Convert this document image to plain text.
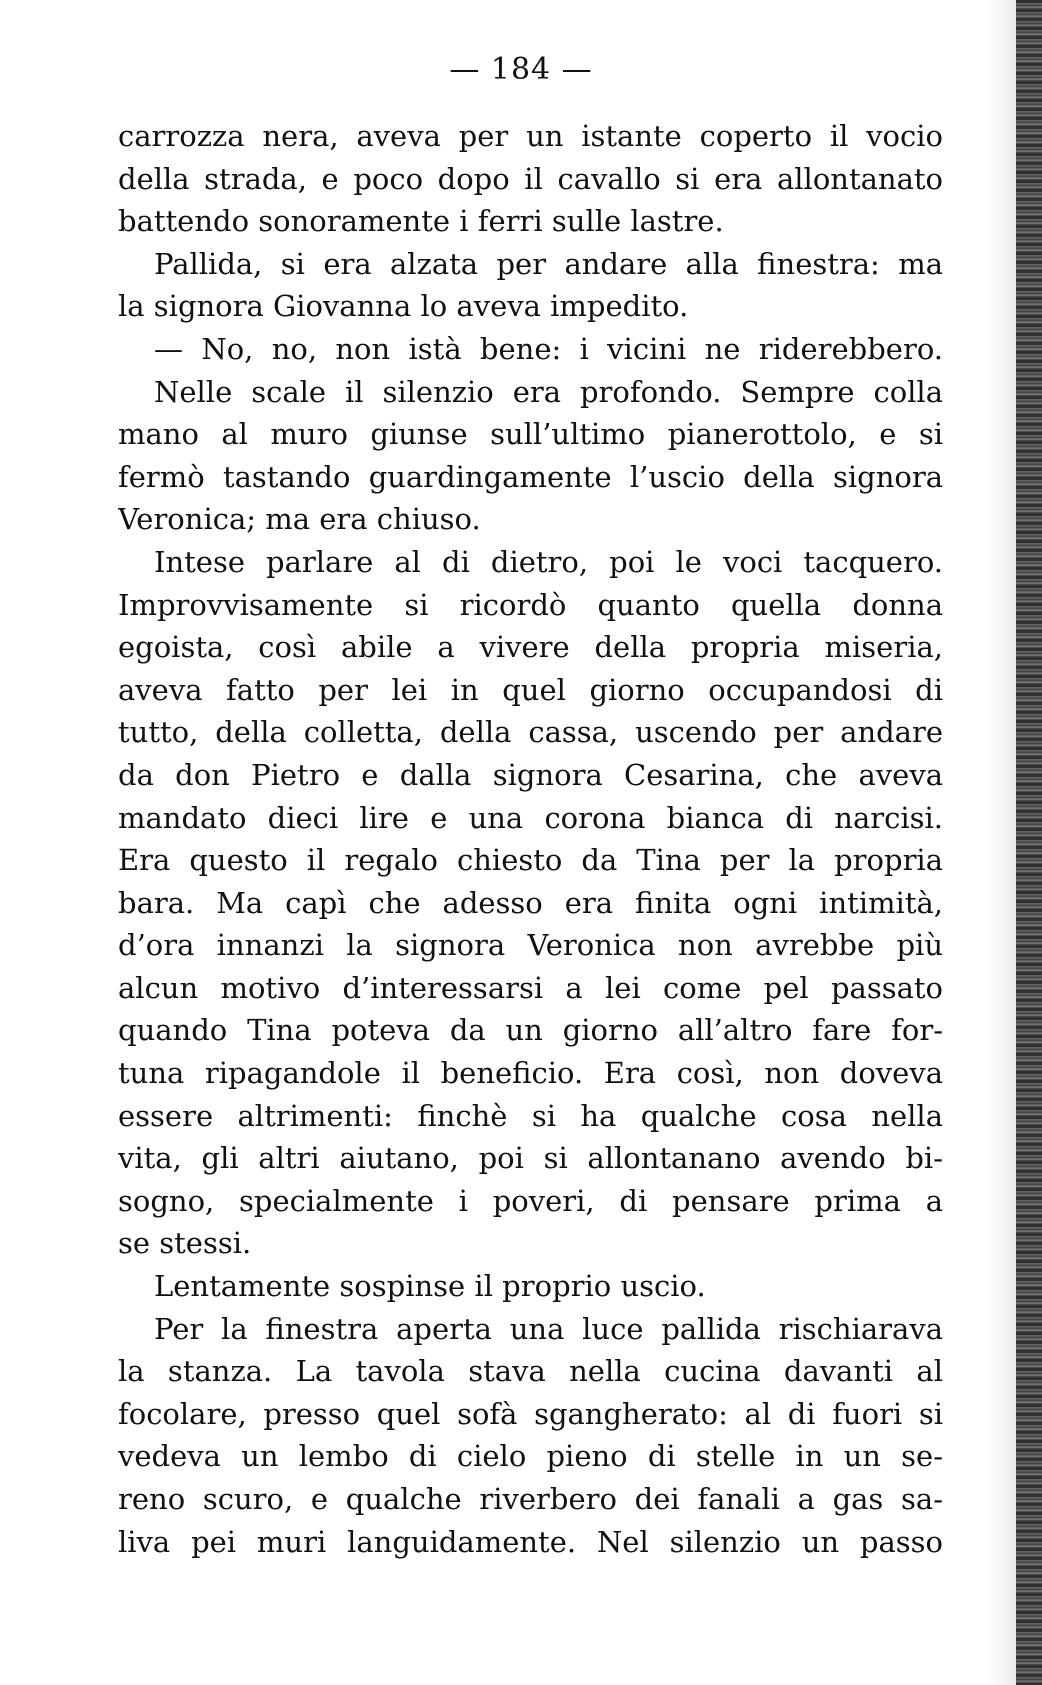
— 184 —
carrozza nera, aveva per un istante coperto il vocio
della strada, e poco dopo il cavallo si era allontanato
battendo sonoramente i ferri sulle lastre.
Pallida, si era alzata per andare alla finestra: ma
la signora Giovanna lo aveva impedito.
— No, no, non istà bene: i vicini ne riderebbero.
Nelle scale il silenzio era profondo. Sempre colla
mano al muro giunse sull’ultimo pianerottolo, e si
fermò tastando guardingamente l’uscio della signora
Veronica; ma era chiuso.
Intese parlare al di dietro, poi le voci tacquero.
Improvvisamente si ricordò quanto quella donna
egoista, così abile a vivere della propria miseria,
aveva fatto per lei in quel giorno occupandosi di
tutto, della colletta, della cassa, uscendo per andare
da don Pietro e dalla signora Cesarina, che aveva
mandato dieci lire e una corona bianca di narcisi.
Era questo il regalo chiesto da Tina per la propria
bara. Ma capì che adesso era finita ogni intimità,
d’ora innanzi la signora Veronica non avrebbe più
alcun motivo d’interessarsi a lei come pel passato
quando Tina poteva da un giorno all’altro fare for-
tuna ripagandole il beneficio. Era così, non doveva
essere altrimenti: finchè si ha qualche cosa nella
vita, gli altri aiutano, poi si allontanano avendo bi-
sogno, specialmente i poveri, di pensare prima a
se stessi.
Lentamente sospinse il proprio uscio.
Per la finestra aperta una luce pallida rischiarava
la stanza. La tavola stava nella cucina davanti al
focolare, presso quel sofà sgangherato: al di fuori si
vedeva un lembo di cielo pieno di stelle in un se-
reno scuro, e qualche riverbero dei fanali a gas sa-
liva pei muri languidamente. Nel silenzio un passo
